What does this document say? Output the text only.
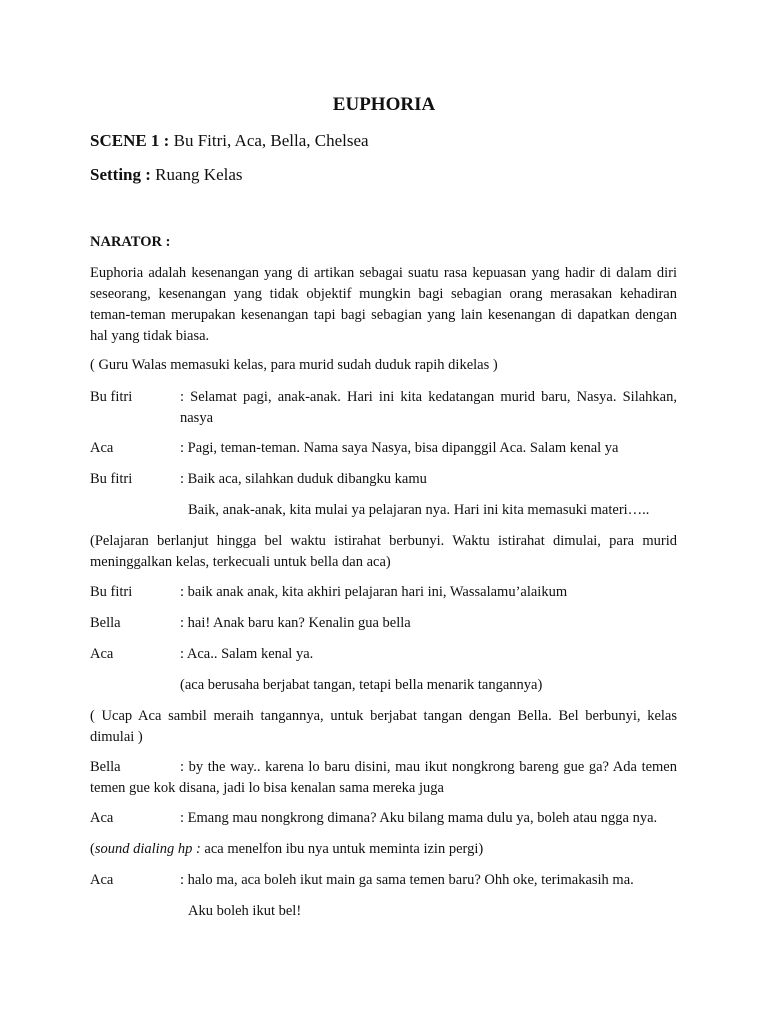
EUPHORIA
SCENE 1 : Bu Fitri, Aca, Bella, Chelsea
Setting : Ruang Kelas
NARATOR :
Euphoria adalah kesenangan yang di artikan sebagai suatu rasa kepuasan yang hadir di dalam diri seseorang, kesenangan yang tidak objektif mungkin bagi sebagian orang merasakan kehadiran teman-teman merupakan kesenangan tapi bagi sebagian yang lain kesenangan di dapatkan dengan hal yang tidak biasa.
( Guru Walas memasuki kelas, para murid sudah duduk rapih dikelas )
Bu fitri	: Selamat pagi, anak-anak. Hari ini kita kedatangan murid baru, Nasya. Silahkan, nasya
Aca	: Pagi, teman-teman. Nama saya Nasya, bisa dipanggil Aca. Salam kenal ya
Bu fitri	: Baik aca, silahkan duduk dibangku kamu
Baik, anak-anak, kita mulai ya pelajaran nya. Hari ini kita memasuki materi…..
(Pelajaran berlanjut hingga bel waktu istirahat berbunyi. Waktu istirahat dimulai, para murid meninggalkan kelas, terkecuali untuk bella dan aca)
Bu fitri	: baik anak anak, kita akhiri pelajaran hari ini, Wassalamu’alaikum
Bella	: hai! Anak baru kan? Kenalin gua bella
Aca	: Aca.. Salam kenal ya.
(aca berusaha berjabat tangan, tetapi bella menarik tangannya)
( Ucap Aca sambil meraih tangannya, untuk berjabat tangan dengan Bella. Bel berbunyi, kelas dimulai )
Bella	: by the way.. karena lo baru disini, mau ikut nongkrong bareng gue ga? Ada temen temen gue kok disana, jadi lo bisa kenalan sama mereka juga
Aca	: Emang mau nongkrong dimana? Aku bilang mama dulu ya, boleh atau ngga nya.
(sound dialing hp : aca menelfon ibu nya untuk meminta izin pergi)
Aca	: halo ma, aca boleh ikut main ga sama temen baru? Ohh oke, terimakasih ma.
Aku boleh ikut bel!
